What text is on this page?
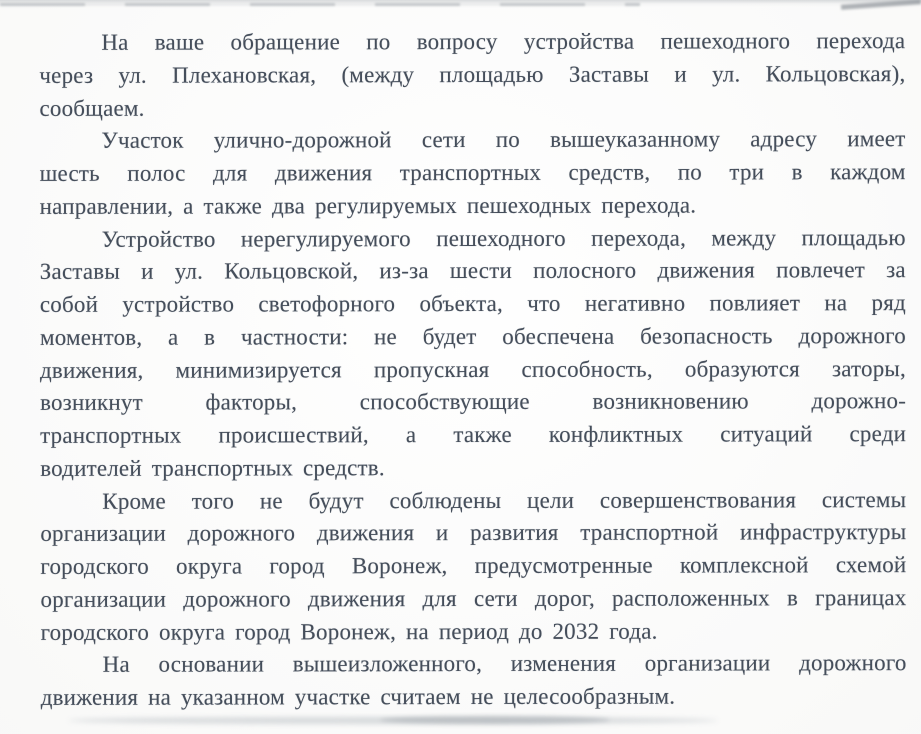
На ваше обращение по вопросу устройства пешеходного перехода
через ул. Плехановская, (между площадью Заставы и ул. Кольцовская),
сообщаем.
Участок улично-дорожной сети по вышеуказанному адресу имеет
шесть полос для движения транспортных средств, по три в каждом
направлении, а также два регулируемых пешеходных перехода.
Устройство нерегулируемого пешеходного перехода, между площадью
Заставы и ул. Кольцовской, из-за шести полосного движения повлечет за
собой устройство светофорного объекта, что негативно повлияет на ряд
моментов, а в частности: не будет обеспечена безопасность дорожного
движения, минимизируется пропускная способность, образуются заторы,
возникнут факторы, способствующие возникновению дорожно-
транспортных происшествий, а также конфликтных ситуаций среди
водителей транспортных средств.
Кроме того не будут соблюдены цели совершенствования системы
организации дорожного движения и развития транспортной инфраструктуры
городского округа город Воронеж, предусмотренные комплексной схемой
организации дорожного движения для сети дорог, расположенных в границах
городского округа город Воронеж, на период до 2032 года.
На основании вышеизложенного, изменения организации дорожного
движения на указанном участке считаем не целесообразным.
